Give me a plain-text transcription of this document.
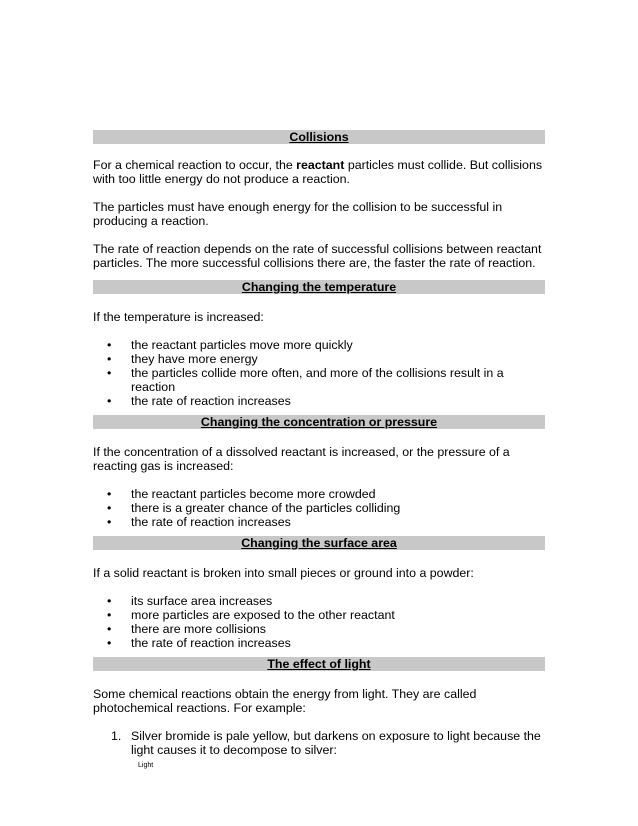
Collisions

For a chemical reaction to occur, the reactant particles must collide. But collisions with too little energy do not produce a reaction.

The particles must have enough energy for the collision to be successful in producing a reaction.

The rate of reaction depends on the rate of successful collisions between reactant particles. The more successful collisions there are, the faster the rate of reaction.

Changing the temperature

If the temperature is increased:

• the reactant particles move more quickly
• they have more energy
• the particles collide more often, and more of the collisions result in a reaction
• the rate of reaction increases
Changing the concentration or pressure

If the concentration of a dissolved reactant is increased, or the pressure of a reacting gas is increased:

• the reactant particles become more crowded
• there is a greater chance of the particles colliding
• the rate of reaction increases
Changing the surface area

If a solid reactant is broken into small pieces or ground into a powder:

• its surface area increases
• more particles are exposed to the other reactant
• there are more collisions
• the rate of reaction increases
The effect of light

Some chemical reactions obtain the energy from light. They are called photochemical reactions. For example:

1. Silver bromide is pale yellow, but darkens on exposure to light because the light causes it to decompose to silver:
Light
